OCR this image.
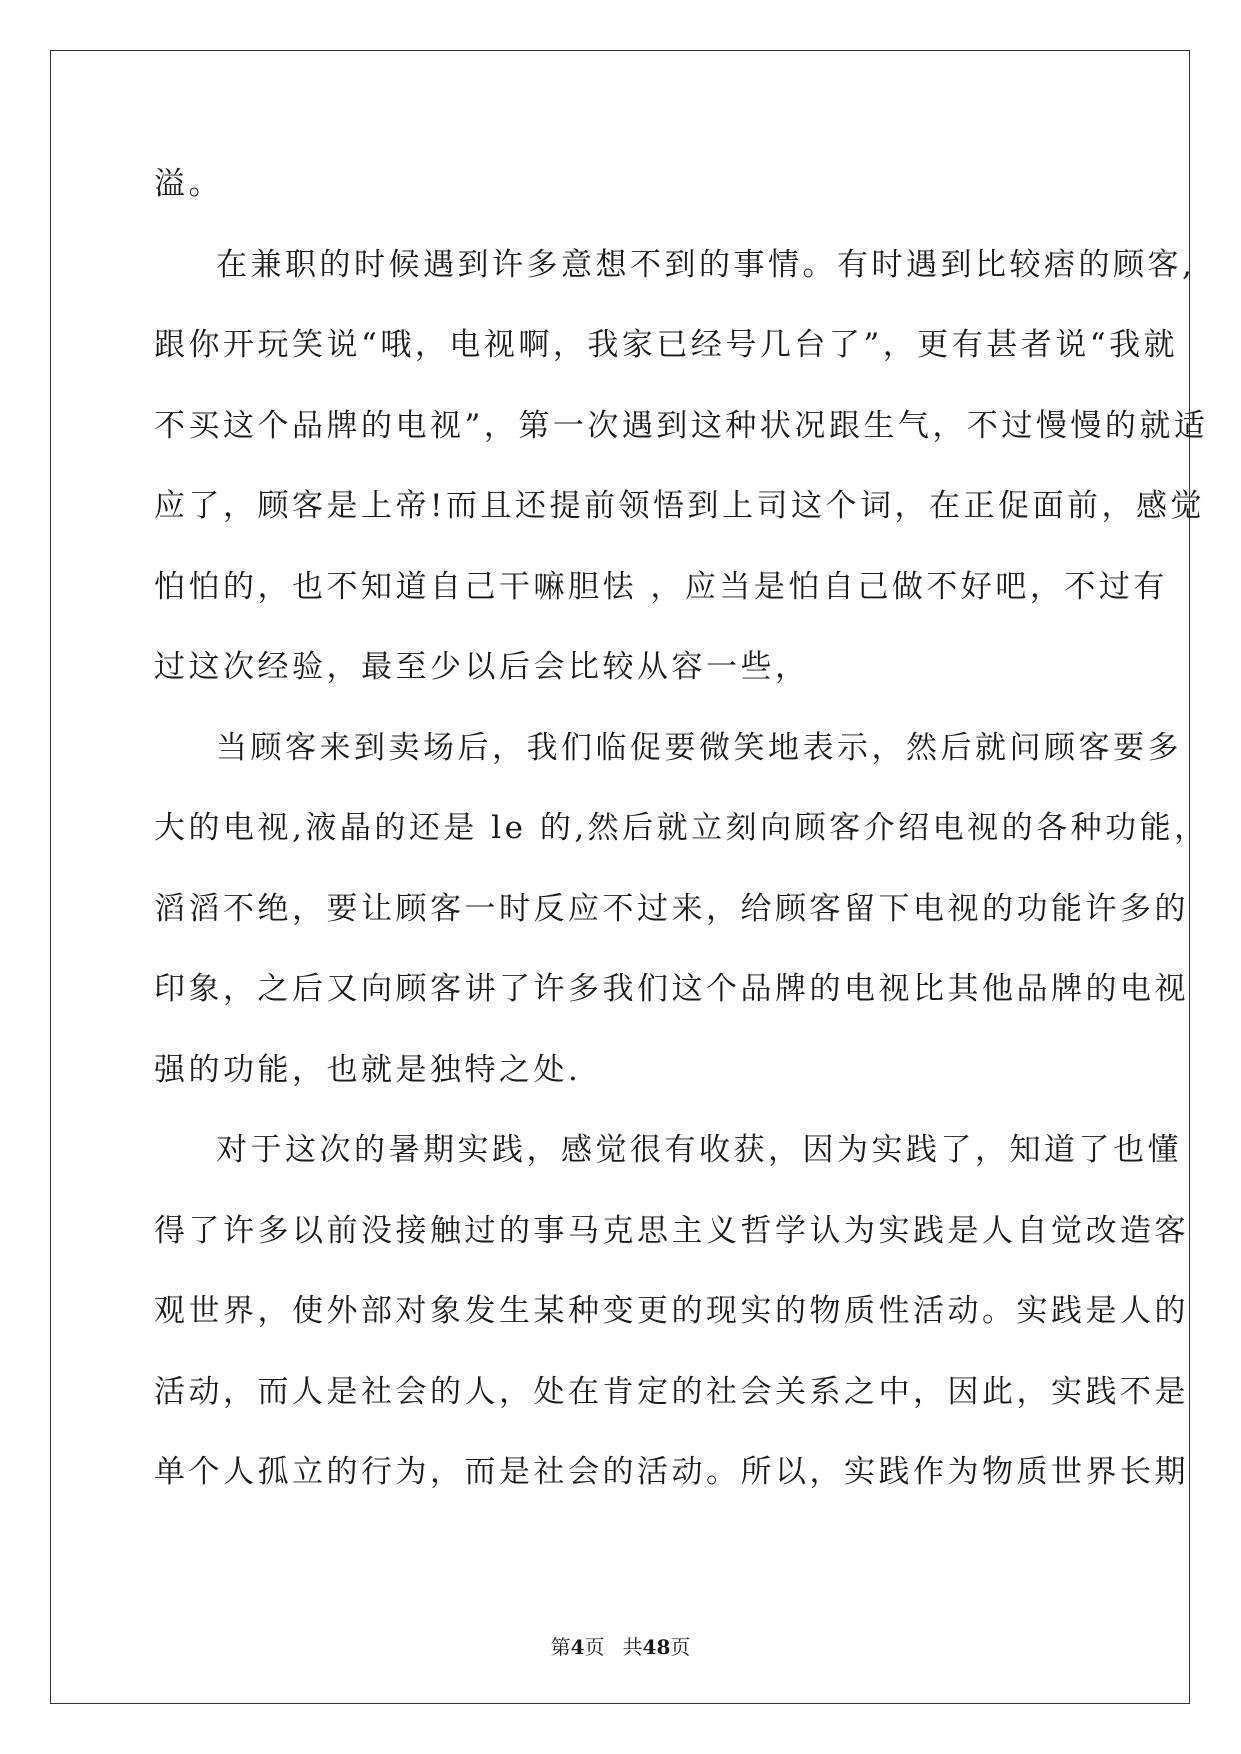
溢。
在兼职的时候遇到许多意想不到的事情。有时遇到比较痞的顾客,
跟你开玩笑说“哦，电视啊，我家已经号几台了”，更有甚者说“我就
不买这个品牌的电视”，第一次遇到这种状况跟生气，不过慢慢的就适
应了，顾客是上帝!而且还提前领悟到上司这个词，在正促面前，感觉
怕怕的，也不知道自己干嘛胆怯 ，应当是怕自己做不好吧，不过有
过这次经验，最至少以后会比较从容一些，
当顾客来到卖场后，我们临促要微笑地表示，然后就问顾客要多
大的电视,液晶的还是 le 的,然后就立刻向顾客介绍电视的各种功能，
滔滔不绝，要让顾客一时反应不过来，给顾客留下电视的功能许多的
印象，之后又向顾客讲了许多我们这个品牌的电视比其他品牌的电视
强的功能，也就是独特之处.
对于这次的暑期实践，感觉很有收获，因为实践了，知道了也懂
得了许多以前没接触过的事马克思主义哲学认为实践是人自觉改造客
观世界，使外部对象发生某种变更的现实的物质性活动。实践是人的
活动，而人是社会的人，处在肯定的社会关系之中，因此，实践不是
单个人孤立的行为，而是社会的活动。所以，实践作为物质世界长期
第4页 共48页
